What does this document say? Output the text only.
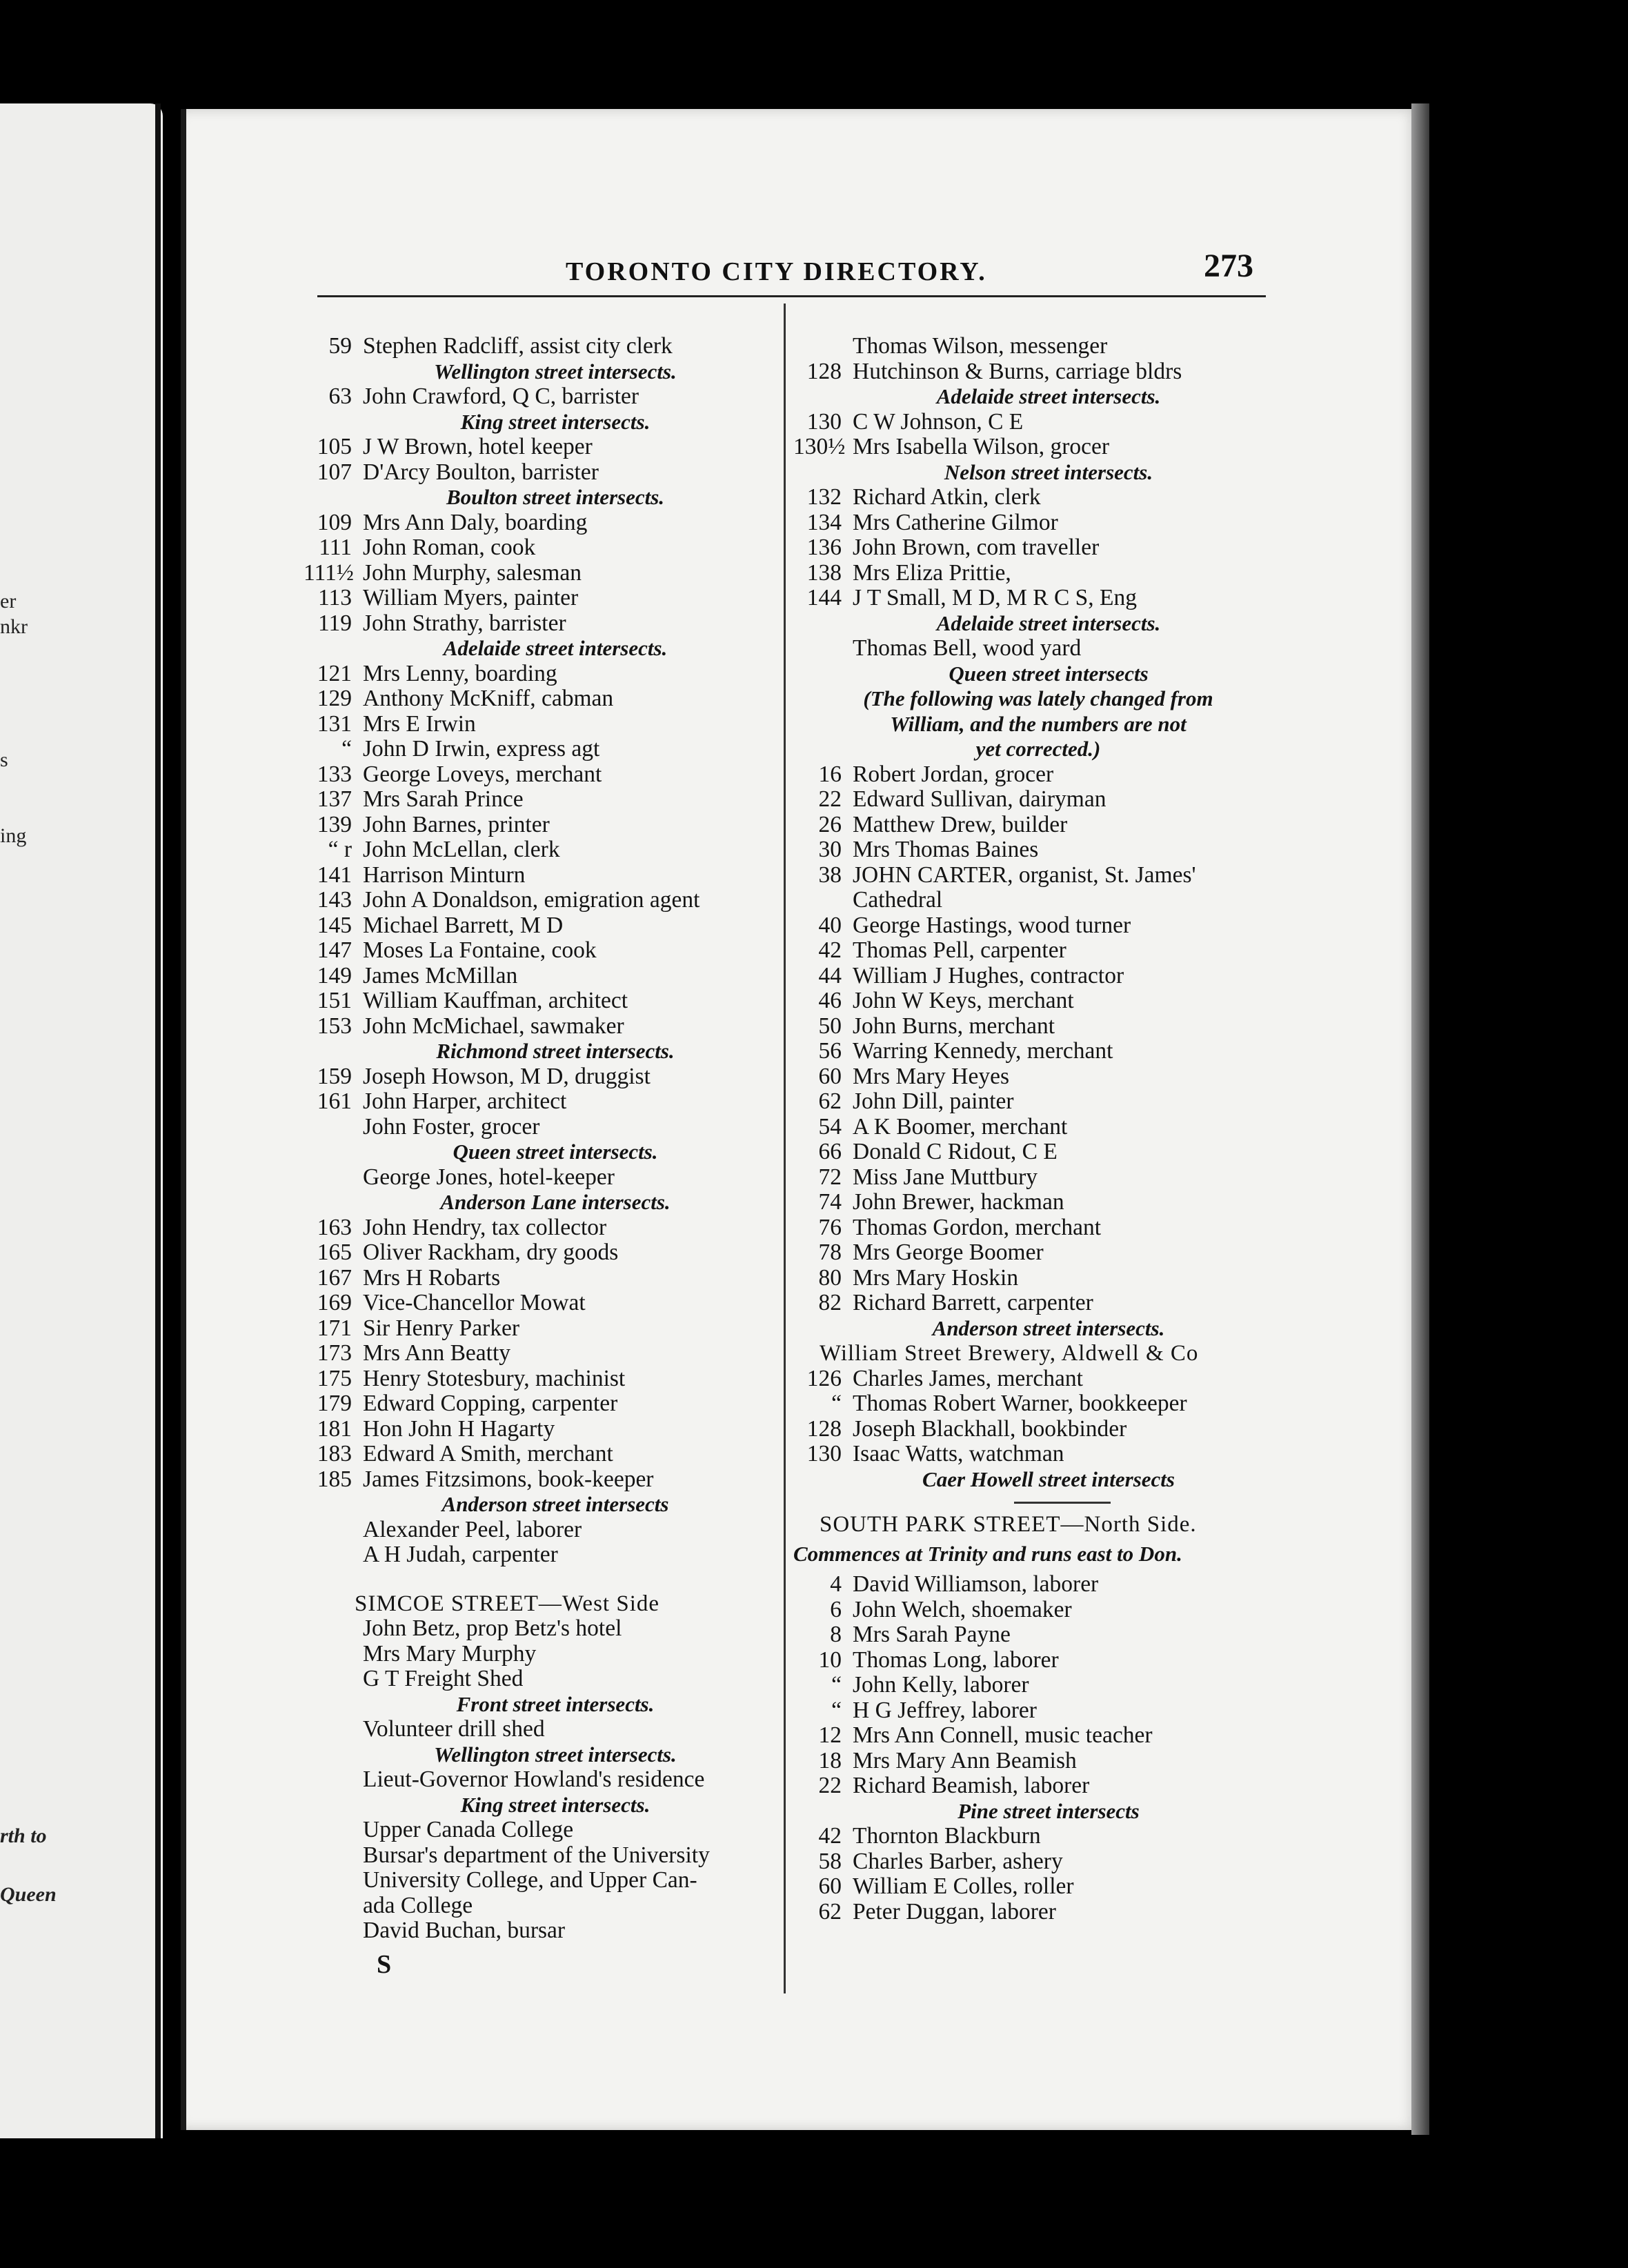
er
nkr
s
ing
rth to
Queen
TORONTO CITY DIRECTORY.	273
59 Stephen Radcliff, assist city clerk
Wellington street intersects.
63 John Crawford, Q C, barrister
King street intersects.
105 J W Brown, hotel keeper
107 D'Arcy Boulton, barrister
Boulton street intersects.
109 Mrs Ann Daly, boarding
111 John Roman, cook
111½ John Murphy, salesman
113 William Myers, painter
119 John Strathy, barrister
Adelaide street intersects.
121 Mrs Lenny, boarding
129 Anthony McKniff, cabman
131 Mrs E Irwin
“ John D Irwin, express agt
133 George Loveys, merchant
137 Mrs Sarah Prince
139 John Barnes, printer
“ r John McLellan, clerk
141 Harrison Minturn
143 John A Donaldson, emigration agent
145 Michael Barrett, M D
147 Moses La Fontaine, cook
149 James McMillan
151 William Kauffman, architect
153 John McMichael, sawmaker
Richmond street intersects.
159 Joseph Howson, M D, druggist
161 John Harper, architect
John Foster, grocer
Queen street intersects.
George Jones, hotel-keeper
Anderson Lane intersects.
163 John Hendry, tax collector
165 Oliver Rackham, dry goods
167 Mrs H Robarts
169 Vice-Chancellor Mowat
171 Sir Henry Parker
173 Mrs Ann Beatty
175 Henry Stotesbury, machinist
179 Edward Copping, carpenter
181 Hon John H Hagarty
183 Edward A Smith, merchant
185 James Fitzsimons, book-keeper
Anderson street intersects
Alexander Peel, laborer
A H Judah, carpenter
SIMCOE STREET—West Side
John Betz, prop Betz's hotel
Mrs Mary Murphy
G T Freight Shed
Front street intersects.
Volunteer drill shed
Wellington street intersects.
Lieut-Governor Howland's residence
King street intersects.
Upper Canada College
Bursar's department of the University
University College, and Upper Can-
ada College
David Buchan, bursar
S
Thomas Wilson, messenger
128 Hutchinson & Burns, carriage bldrs
Adelaide street intersects.
130 C W Johnson, C E
130½ Mrs Isabella Wilson, grocer
Nelson street intersects.
132 Richard Atkin, clerk
134 Mrs Catherine Gilmor
136 John Brown, com traveller
138 Mrs Eliza Prittie,
144 J T Small, M D, M R C S, Eng
Adelaide street intersects.
Thomas Bell, wood yard
Queen street intersects
(The following was lately changed from
William, and the numbers are not
yet corrected.)
16 Robert Jordan, grocer
22 Edward Sullivan, dairyman
26 Matthew Drew, builder
30 Mrs Thomas Baines
38 JOHN CARTER, organist, St. James'
Cathedral
40 George Hastings, wood turner
42 Thomas Pell, carpenter
44 William J Hughes, contractor
46 John W Keys, merchant
50 John Burns, merchant
56 Warring Kennedy, merchant
60 Mrs Mary Heyes
62 John Dill, painter
54 A K Boomer, merchant
66 Donald C Ridout, C E
72 Miss Jane Muttbury
74 John Brewer, hackman
76 Thomas Gordon, merchant
78 Mrs George Boomer
80 Mrs Mary Hoskin
82 Richard Barrett, carpenter
Anderson street intersects.
William Street Brewery, Aldwell & Co
126 Charles James, merchant
“ Thomas Robert Warner, bookkeeper
128 Joseph Blackhall, bookbinder
130 Isaac Watts, watchman
Caer Howell street intersects
SOUTH PARK STREET—North Side.
Commences at Trinity and runs east to Don.
4 David Williamson, laborer
6 John Welch, shoemaker
8 Mrs Sarah Payne
10 Thomas Long, laborer
“ John Kelly, laborer
“ H G Jeffrey, laborer
12 Mrs Ann Connell, music teacher
18 Mrs Mary Ann Beamish
22 Richard Beamish, laborer
Pine street intersects
42 Thornton Blackburn
58 Charles Barber, ashery
60 William E Colles, roller
62 Peter Duggan, laborer
